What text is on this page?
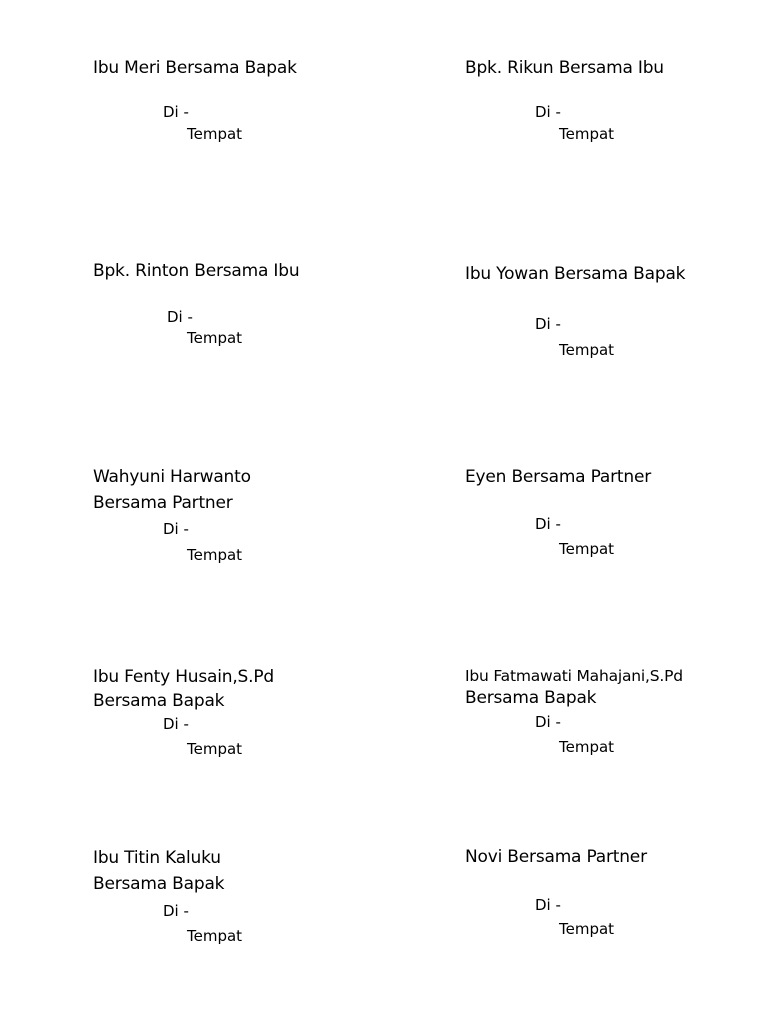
Ibu Meri Bersama Bapak
Di -
Tempat
Bpk. Rikun Bersama Ibu
Di -
Tempat
Bpk. Rinton Bersama Ibu
Di -
Tempat
Ibu Yowan Bersama Bapak
Di -
Tempat
Wahyuni Harwanto
Bersama Partner
Di -
Tempat
Eyen Bersama Partner
Di -
Tempat
Ibu Fenty Husain,S.Pd
Bersama Bapak
Di -
Tempat
Ibu Fatmawati Mahajani,S.Pd
Bersama Bapak
Di -
Tempat
Ibu Titin Kaluku
Bersama Bapak
Di -
Tempat
Novi Bersama Partner
Di -
Tempat
